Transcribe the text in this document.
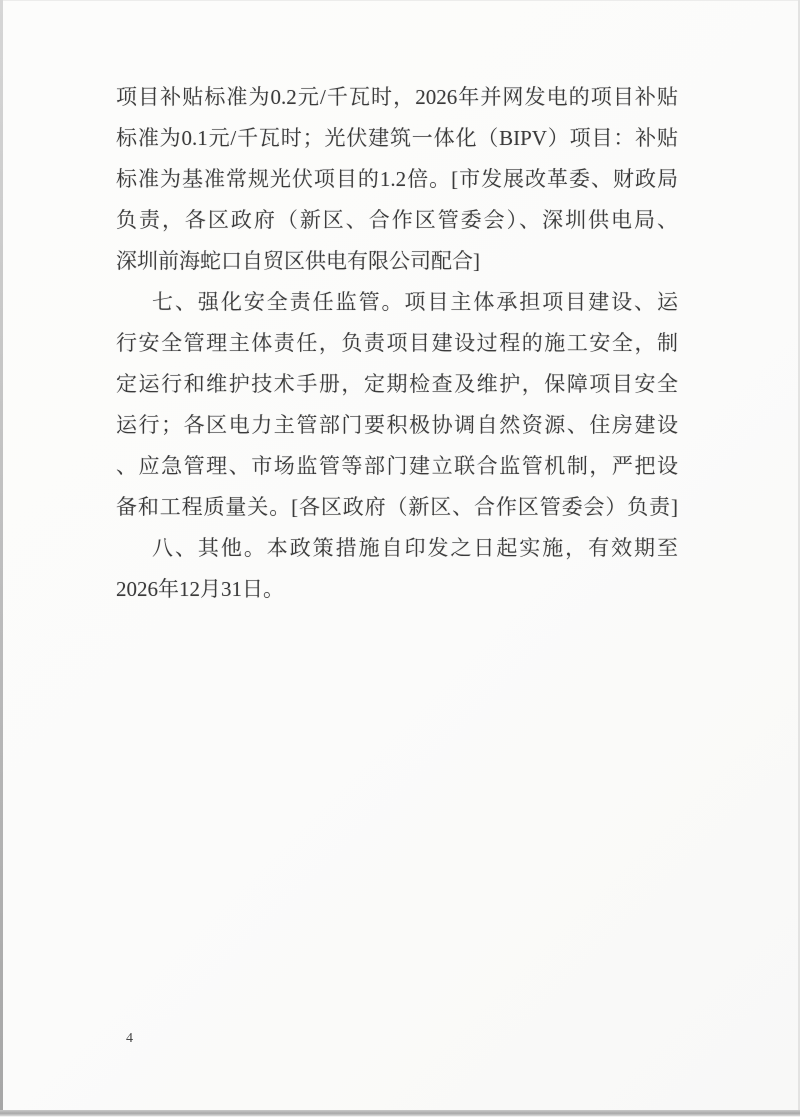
项目补贴标准为0.2元/千瓦时，2026年并网发电的项目补贴
标准为0.1元/千瓦时；光伏建筑一体化（BIPV）项目：补贴
标准为基准常规光伏项目的1.2倍。[市发展改革委、财政局
负责，各区政府（新区、合作区管委会）、深圳供电局、
深圳前海蛇口自贸区供电有限公司配合]
七、强化安全责任监管。项目主体承担项目建设、运
行安全管理主体责任，负责项目建设过程的施工安全，制
定运行和维护技术手册，定期检查及维护，保障项目安全
运行；各区电力主管部门要积极协调自然资源、住房建设
、应急管理、市场监管等部门建立联合监管机制，严把设
备和工程质量关。[各区政府（新区、合作区管委会）负责]
八、其他。本政策措施自印发之日起实施，有效期至
2026年12月31日。
4
